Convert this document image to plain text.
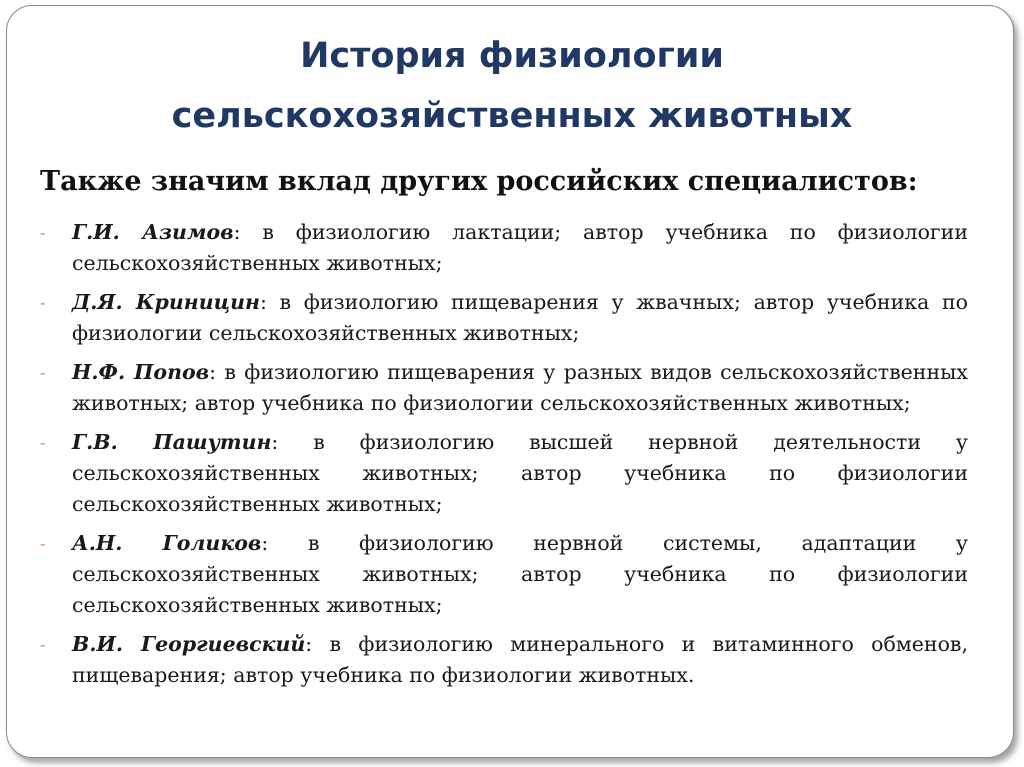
История физиологии
сельскохозяйственных животных
Также значим вклад других российских специалистов:
- Г.И. Азимов: в физиологию лактации; автор учебника по физиологии сельскохозяйственных животных;
- Д.Я. Криницин: в физиологию пищеварения у жвачных; автор учебника по физиологии сельскохозяйственных животных;
- Н.Ф. Попов: в физиологию пищеварения у разных видов сельскохозяйственных животных; автор учебника по физиологии сельскохозяйственных животных;
- Г.В. Пашутин: в физиологию высшей нервной деятельности у сельскохозяйственных животных; автор учебника по физиологии сельскохозяйственных животных;
- А.Н. Голиков: в физиологию нервной системы, адаптации у сельскохозяйственных животных; автор учебника по физиологии сельскохозяйственных животных;
- В.И. Георгиевский: в физиологию минерального и витаминного обменов, пищеварения; автор учебника по физиологии животных.
